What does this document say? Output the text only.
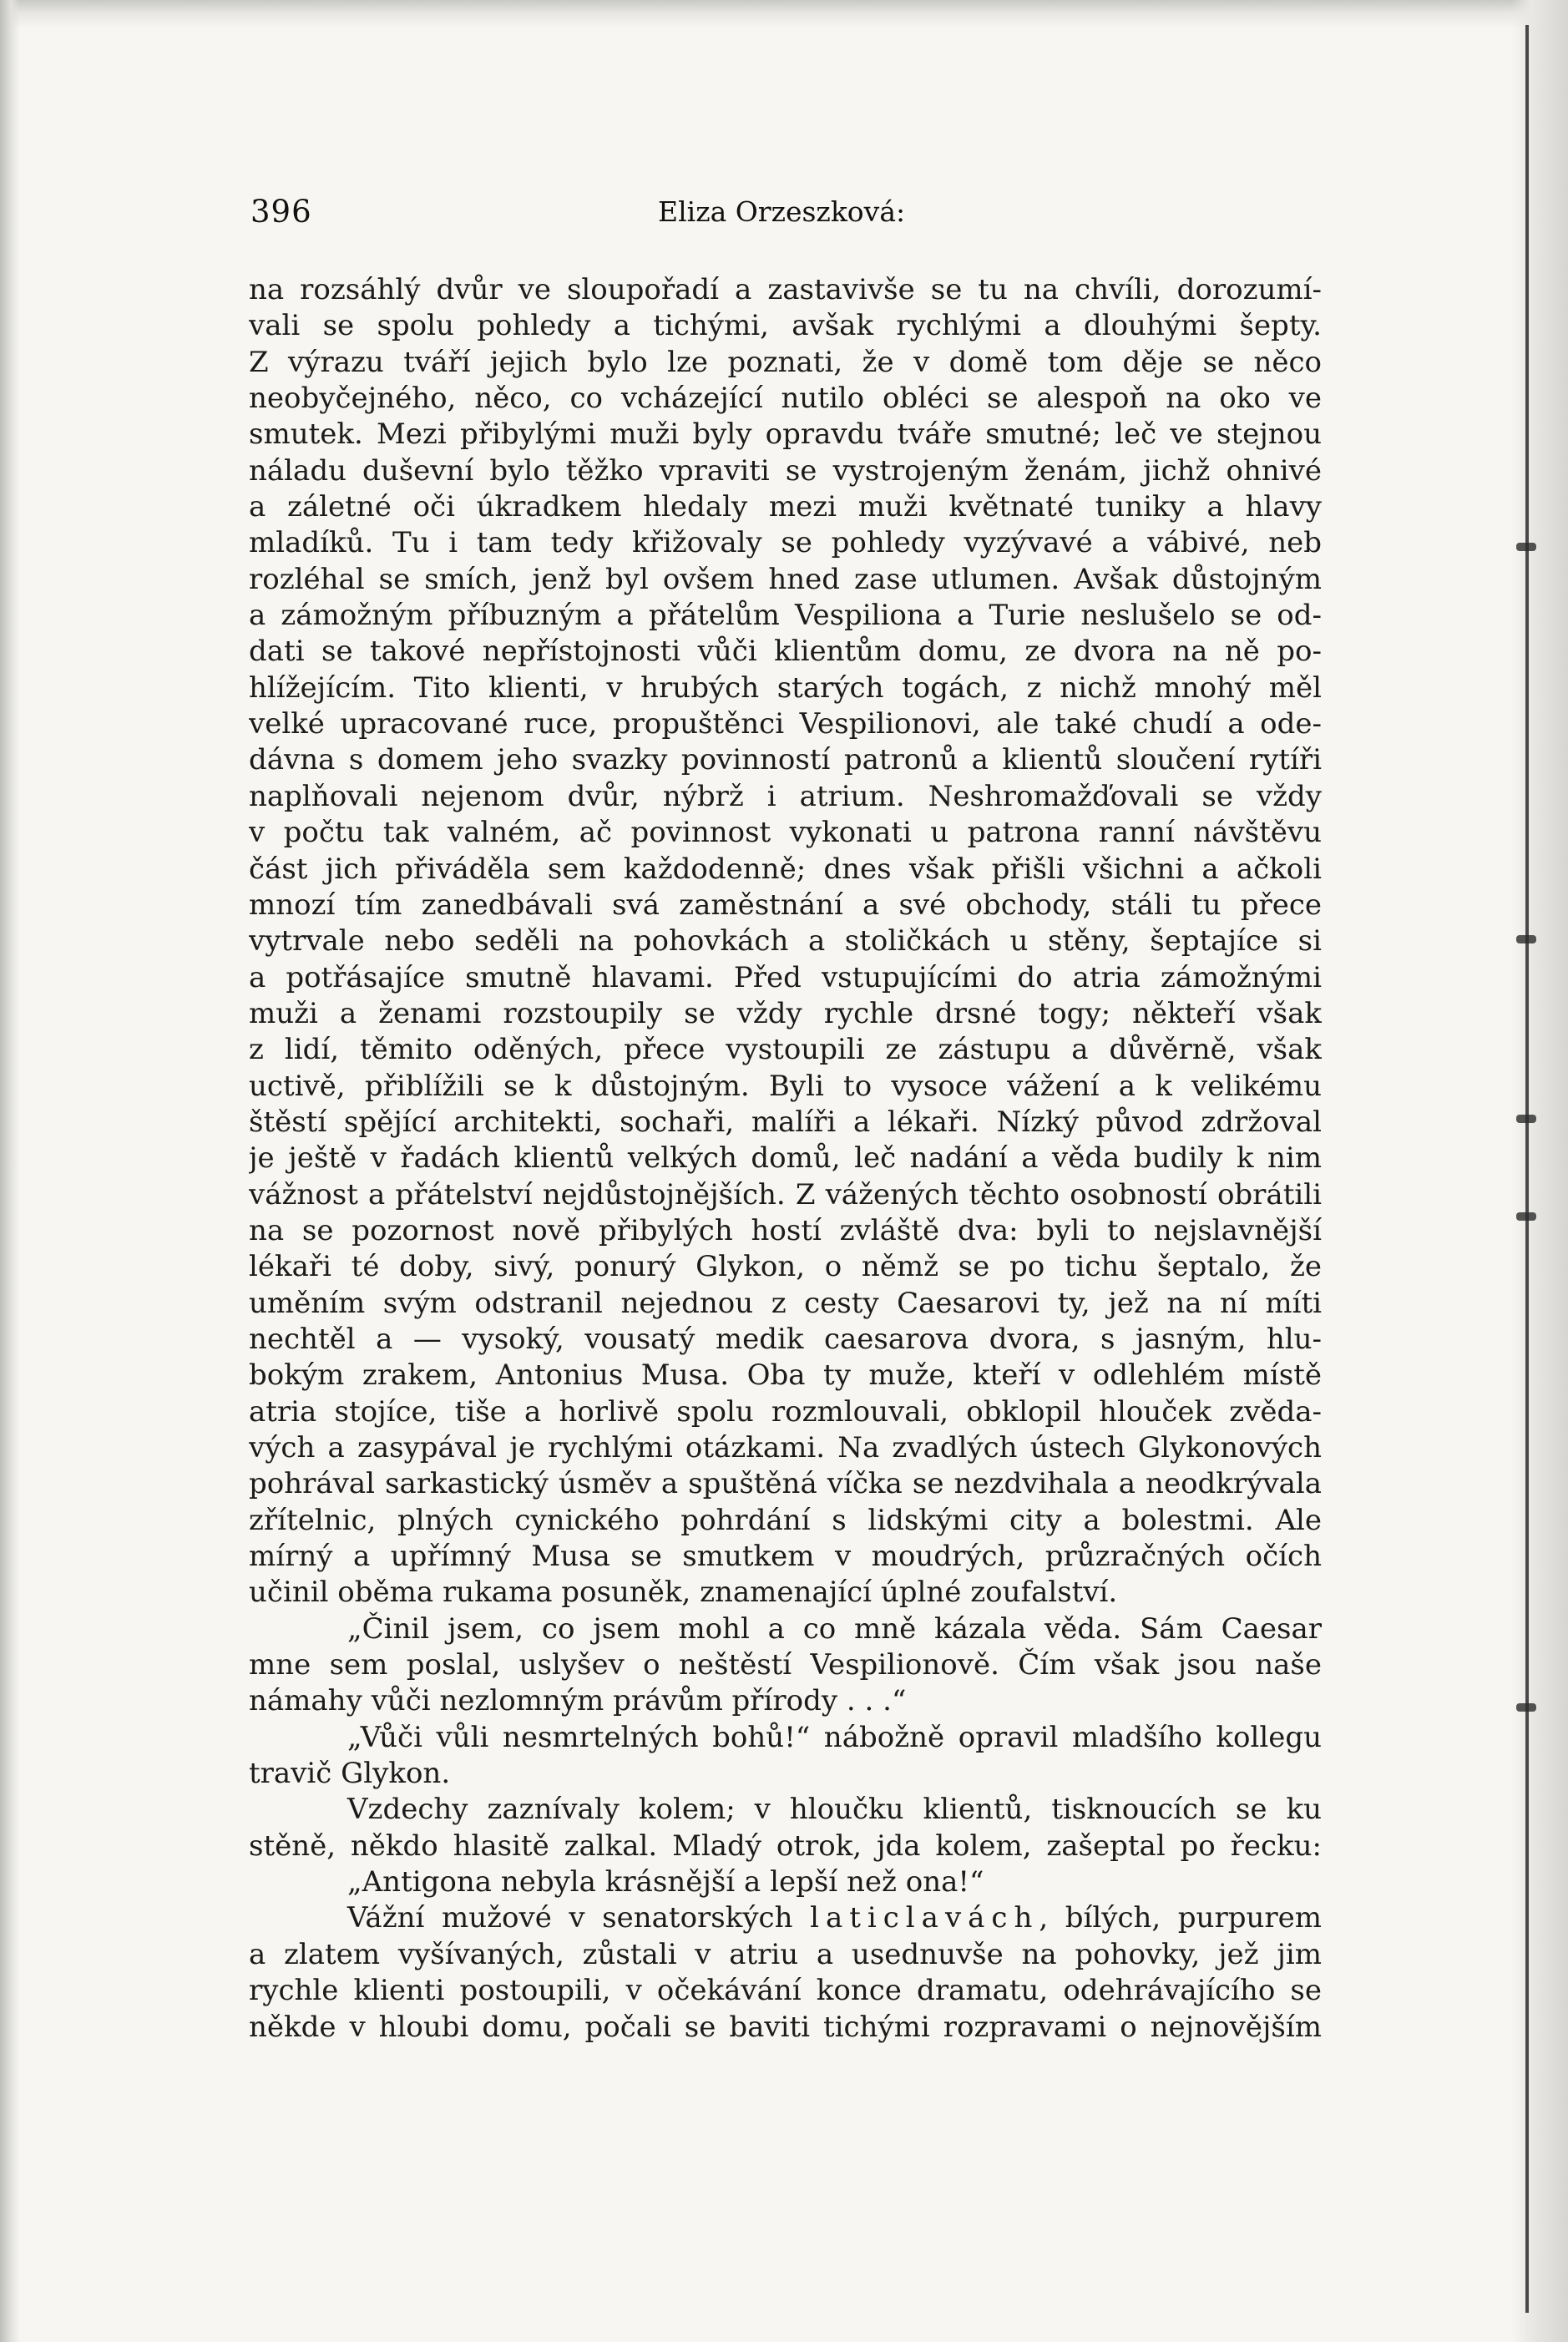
396	Eliza Orzeszková:
na rozsáhlý dvůr ve sloupořadí a zastavivše se tu na chvíli, dorozumí-
vali se spolu pohledy a tichými, avšak rychlými a dlouhými šepty.
Z výrazu tváří jejich bylo lze poznati, že v domě tom děje se něco
neobyčejného, něco, co vcházející nutilo obléci se alespoň na oko ve
smutek. Mezi přibylými muži byly opravdu tváře smutné; leč ve stejnou
náladu duševní bylo těžko vpraviti se vystrojeným ženám, jichž ohnivé
a záletné oči úkradkem hledaly mezi muži květnaté tuniky a hlavy
mladíků. Tu i tam tedy křižovaly se pohledy vyzývavé a vábivé, neb
rozléhal se smích, jenž byl ovšem hned zase utlumen. Avšak důstojným
a zámožným příbuzným a přátelům Vespiliona a Turie neslušelo se od-
dati se takové nepřístojnosti vůči klientům domu, ze dvora na ně po-
hlížejícím. Tito klienti, v hrubých starých togách, z nichž mnohý měl
velké upracované ruce, propuštěnci Vespilionovi, ale také chudí a ode-
dávna s domem jeho svazky povinností patronů a klientů sloučení rytíři
naplňovali nejenom dvůr, nýbrž i atrium. Neshromažďovali se vždy
v počtu tak valném, ač povinnost vykonati u patrona ranní návštěvu
část jich přiváděla sem každodenně; dnes však přišli všichni a ačkoli
mnozí tím zanedbávali svá zaměstnání a své obchody, stáli tu přece
vytrvale nebo seděli na pohovkách a stoličkách u stěny, šeptajíce si
a potřásajíce smutně hlavami. Před vstupujícími do atria zámožnými
muži a ženami rozstoupily se vždy rychle drsné togy; někteří však
z lidí, těmito oděných, přece vystoupili ze zástupu a důvěrně, však
uctivě, přiblížili se k důstojným. Byli to vysoce vážení a k velikému
štěstí spějící architekti, sochaři, malíři a lékaři. Nízký původ zdržoval
je ještě v řadách klientů velkých domů, leč nadání a věda budily k nim
vážnost a přátelství nejdůstojnějších. Z vážených těchto osobností obrátili
na se pozornost nově přibylých hostí zvláště dva: byli to nejslavnější
lékaři té doby, sivý, ponurý Glykon, o němž se po tichu šeptalo, že
uměním svým odstranil nejednou z cesty Caesarovi ty, jež na ní míti
nechtěl a — vysoký, vousatý medik caesarova dvora, s jasným, hlu-
bokým zrakem, Antonius Musa. Oba ty muže, kteří v odlehlém místě
atria stojíce, tiše a horlivě spolu rozmlouvali, obklopil hlouček zvěda-
vých a zasypával je rychlými otázkami. Na zvadlých ústech Glykonových
pohrával sarkastický úsměv a spuštěná víčka se nezdvihala a neodkrývala
zřítelnic, plných cynického pohrdání s lidskými city a bolestmi. Ale
mírný a upřímný Musa se smutkem v moudrých, průzračných očích
učinil oběma rukama posuněk, znamenající úplné zoufalství.
„Činil jsem, co jsem mohl a co mně kázala věda. Sám Caesar
mne sem poslal, uslyšev o neštěstí Vespilionově. Čím však jsou naše
námahy vůči nezlomným právům přírody . . .“
„Vůči vůli nesmrtelných bohů!“ nábožně opravil mladšího kollegu
travič Glykon.
Vzdechy zaznívaly kolem; v hloučku klientů, tisknoucích se ku
stěně, někdo hlasitě zalkal. Mladý otrok, jda kolem, zašeptal po řecku:
„Antigona nebyla krásnější a lepší než ona!“
Vážní mužové v senatorských laticlavách, bílých, purpurem
a zlatem vyšívaných, zůstali v atriu a usednuvše na pohovky, jež jim
rychle klienti postoupili, v očekávání konce dramatu, odehrávajícího se
někde v hloubi domu, počali se baviti tichými rozpravami o nejnovějším
